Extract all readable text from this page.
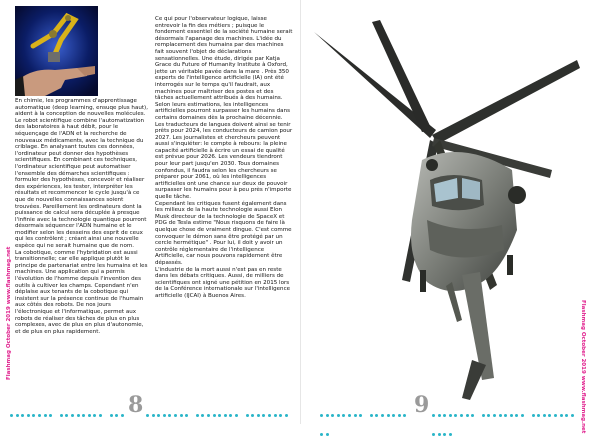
En chimie, les programmes d'apprentissage automatique (deep learning, ensuqe plus haut), aident à la conception de nouvelles molécules. Le robot scientifique combine l'automatization des laboratoires à haut débit, pour le séquençage de l'ADN et la recherche de nouveaux médicaments, avec la technique du criblage. En analysant toutes ces données, l'ordinateur peut donner des hypothèses scientifiques. En combinant ces techniques, l'ordinateur scientifique peut automatiser l'ensemble des démarches scientifiques : formuler des hypothèses, concevoir et réaliser des expériences, les tester, interpréter les résultats et recommencer le cycle jusqu'à ce que de nouvelles connaissances soient trouvées. Pareillement les ordinateurs dont la puissance de calcul sera décuplée à presque l'infinie avec la technologie quantique pourront désormais séquencer l'ADN humaine et le modifier selon les desseins des esprit de ceux qui les contrôlent ; créant ainsi une nouvelle espèce qui ne serait humaine que de nom.

La cobotique, comme l'hybridation est aussi transitionnelle; car elle applique plutôt le principe de partenariat entre les humains et les machines. Une application qui a permis l'évolution de l'homme depuis l'invention des outils à cultiver les champs. Cependant n'en déplaise aux tenants de la cobotique qui insistent sur la présence continue de l'humain aux côtés des robots. De nos jours l'électronique et l'informatique, permet aux robots de réaliser des tâches de plus en plus complexes, avec de plus en plus d'autonomie, et de plus en plus rapidement.

Ce qui pour l'observateur logique, laisse entrevoir la fin des métiers ; puisque le fondement essentiel de la société humaine serait désormais l'apanage des machines. L'idée du remplacement des humains par des machines fait souvent l'objet de déclarations sensationnelles. Une étude, dirigée par Katja Grace du Future of Humanity Institute à Oxford, jette un véritable pavée dans la mare . Près 350 experts de l'intelligence artificielle (IA) ont été interrogés sur le temps qu'il faudrait, aux machines pour maîtriser des postes et des tâches actuellement attribués à des humains. Selon leurs estimations, les intelligences artificielles pourront surpasser les humains dans certains domaines dès la prochaine décennie.

Les traducteurs de langues doivent ainsi se tenir prêts pour 2024, les conducteurs de camion pour 2027. Les journalistes et chercheurs peuvent aussi s'inquiéter: le compte à rebours: la pleine capacité artificielle à écrire un essai de qualité est prévue pour 2026. Les vendeurs tiendront pour leur part jusqu'en 2030. Tous domaines confondus, il faudra selon les chercheurs se préparer pour 2061, où les intelligences artificielles ont une chance sur deux de pouvoir surpasser les humains pour à peu près n'importe quelle tâche.

Cependant les critiques fusent également dans les milieux de la haute technologie aussi Elon Musk directeur de la technologie de SpaceX et PDG de Tesla estime "Nous risquons de faire là quelque chose de vraiment dingue. C'est comme convoquer le démon sans être protégé par un cercle hermétique" . Pour lui, il doit y avoir un contrôle réglementaire de l'intelligence Artificielle, car nous pouvons rapidement être dépassés.

L'industrie de la mort aussi n'est pas en reste dans les débats critiques. Aussi, de milliers de scientifiques ont signé une pétition en 2015 lors de la Conférence internationale sur l'intelligence artificielle (IJCAI) à Buenos Aires.

Flashmag October 2019 www.flashmag.net

8
	Flashmag October 2019 www.flashmag.net

9
